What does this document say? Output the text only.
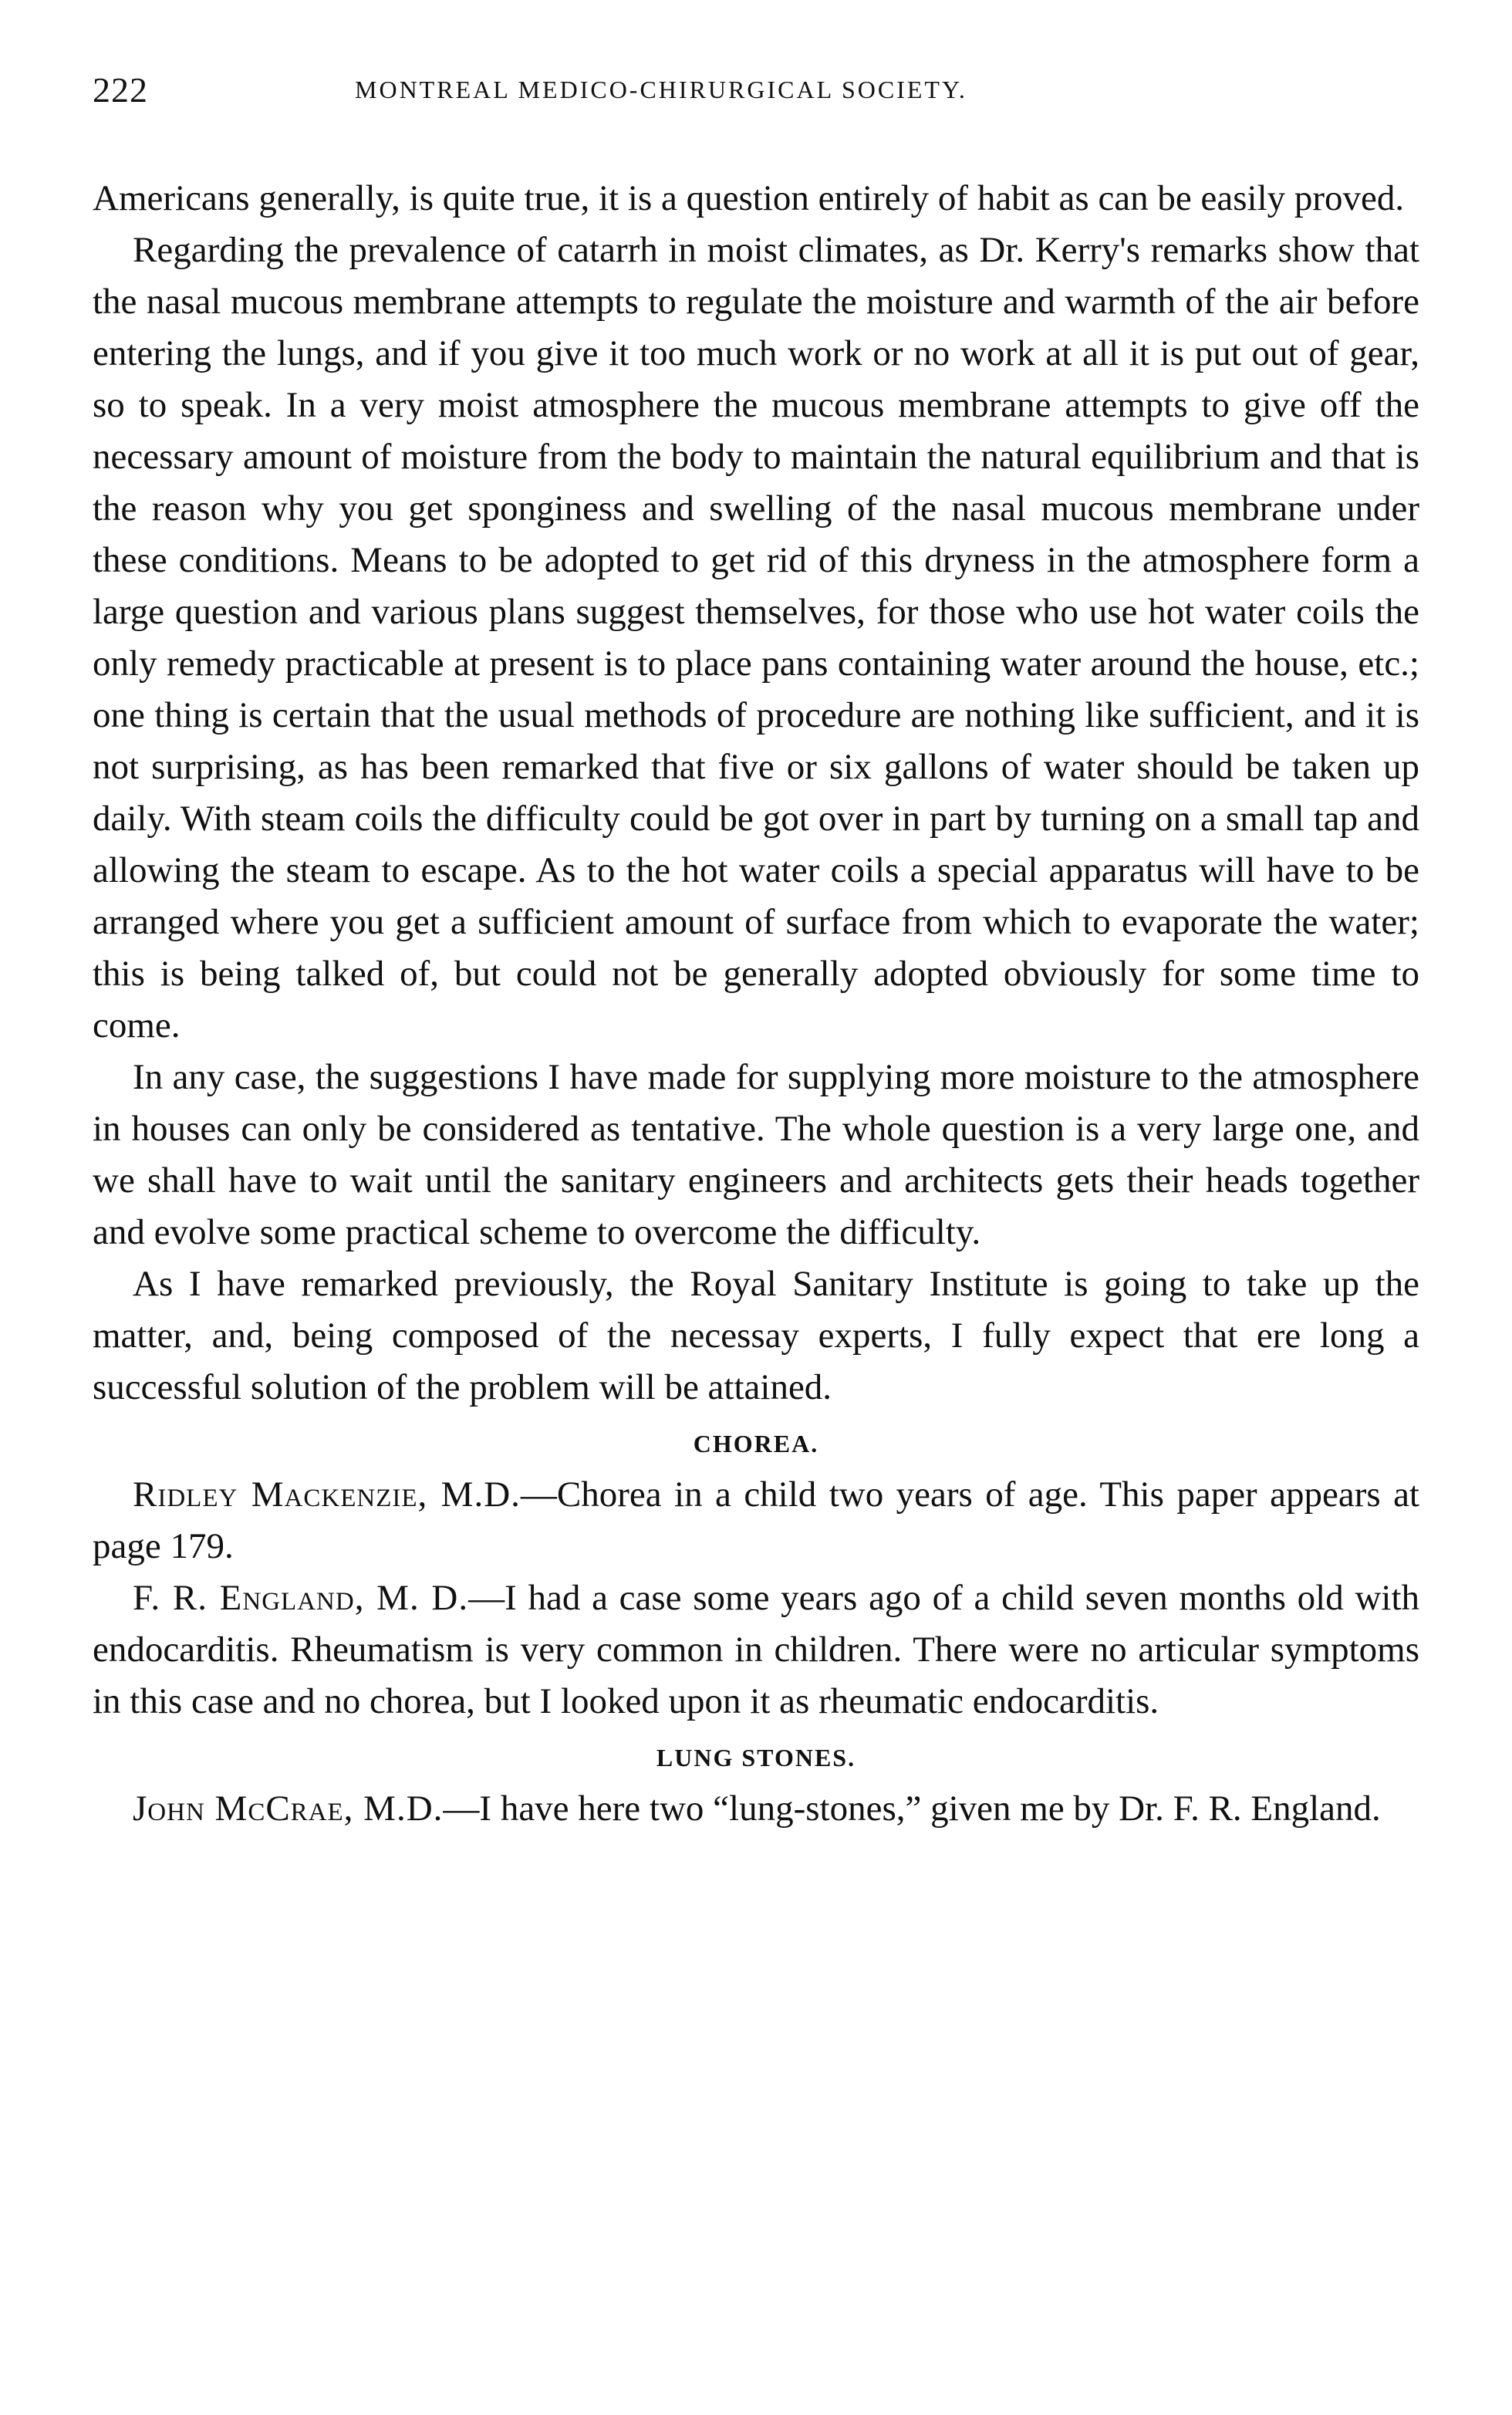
222	MONTREAL MEDICO-CHIRURGICAL SOCIETY.

Americans generally, is quite true, it is a question entirely of habit as can be easily proved.

Regarding the prevalence of catarrh in moist climates, as Dr. Kerry's remarks show that the nasal mucous membrane attempts to regulate the moisture and warmth of the air before entering the lungs, and if you give it too much work or no work at all it is put out of gear, so to speak. In a very moist atmosphere the mucous membrane attempts to give off the necessary amount of moisture from the body to maintain the natural equilibrium and that is the reason why you get sponginess and swelling of the nasal mucous membrane under these conditions. Means to be adopted to get rid of this dryness in the atmosphere form a large question and various plans suggest themselves, for those who use hot water coils the only remedy practicable at present is to place pans containing water around the house, etc.; one thing is certain that the usual methods of procedure are nothing like sufficient, and it is not surprising, as has been remarked that five or six gallons of water should be taken up daily. With steam coils the difficulty could be got over in part by turning on a small tap and allowing the steam to escape. As to the hot water coils a special apparatus will have to be arranged where you get a sufficient amount of surface from which to evaporate the water; this is being talked of, but could not be generally adopted obviously for some time to come.

In any case, the suggestions I have made for supplying more moisture to the atmosphere in houses can only be considered as tentative. The whole question is a very large one, and we shall have to wait until the sanitary engineers and architects gets their heads together and evolve some practical scheme to overcome the difficulty.

As I have remarked previously, the Royal Sanitary Institute is going to take up the matter, and, being composed of the necessay experts, I fully expect that ere long a successful solution of the problem will be attained.

CHOREA.

Ridley Mackenzie, M.D.—Chorea in a child two years of age. This paper appears at page 179.

F. R. England, M. D.—I had a case some years ago of a child seven months old with endocarditis. Rheumatism is very common in children. There were no articular symptoms in this case and no chorea, but I looked upon it as rheumatic endocarditis.

LUNG STONES.

John McCrae, M.D.—I have here two “lung-stones,” given me by Dr. F. R. England.
